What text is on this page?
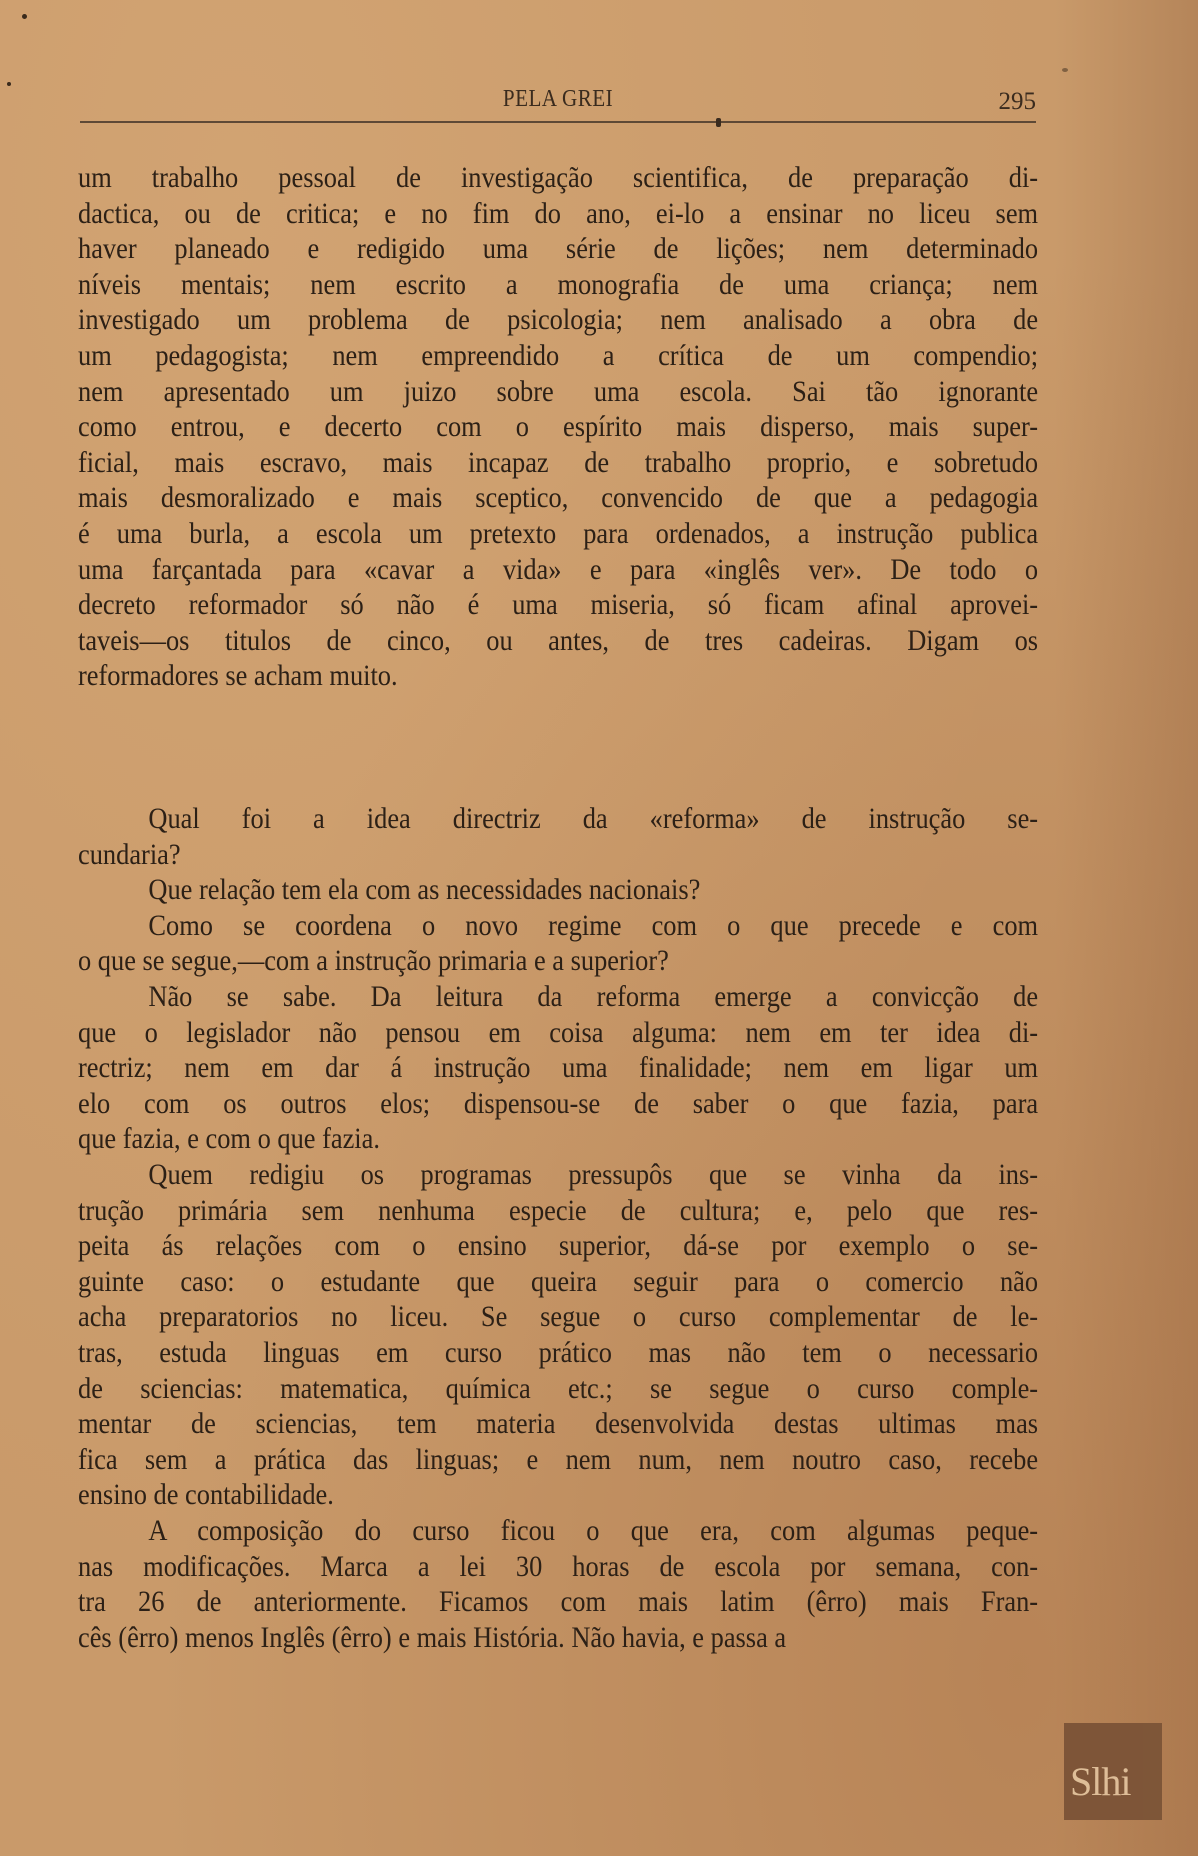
PELA GREI	295
um trabalho pessoal de investigação scientifica, de preparação di-
dactica, ou de critica; e no fim do ano, ei-lo a ensinar no liceu sem
haver planeado e redigido uma série de lições; nem determinado
níveis mentais; nem escrito a monografia de uma criança; nem
investigado um problema de psicologia; nem analisado a obra de
um pedagogista; nem empreendido a crítica de um compendio;
nem apresentado um juizo sobre uma escola. Sai tão ignorante
como entrou, e decerto com o espírito mais disperso, mais super-
ficial, mais escravo, mais incapaz de trabalho proprio, e sobretudo
mais desmoralizado e mais sceptico, convencido de que a pedagogia
é uma burla, a escola um pretexto para ordenados, a instrução publica
uma farçantada para «cavar a vida» e para «inglês ver». De todo o
decreto reformador só não é uma miseria, só ficam afinal aprovei-
taveis—os titulos de cinco, ou antes, de tres cadeiras. Digam os
reformadores se acham muito.
Qual foi a idea directriz da «reforma» de instrução se-
cundaria?
Que relação tem ela com as necessidades nacionais?
Como se coordena o novo regime com o que precede e com
o que se segue,—com a instrução primaria e a superior?
Não se sabe. Da leitura da reforma emerge a convicção de
que o legislador não pensou em coisa alguma: nem em ter idea di-
rectriz; nem em dar á instrução uma finalidade; nem em ligar um
elo com os outros elos; dispensou-se de saber o que fazia, para
que fazia, e com o que fazia.
Quem redigiu os programas pressupôs que se vinha da ins-
trução primária sem nenhuma especie de cultura; e, pelo que res-
peita ás relações com o ensino superior, dá-se por exemplo o se-
guinte caso: o estudante que queira seguir para o comercio não
acha preparatorios no liceu. Se segue o curso complementar de le-
tras, estuda linguas em curso prático mas não tem o necessario
de sciencias: matematica, química etc.; se segue o curso comple-
mentar de sciencias, tem materia desenvolvida destas ultimas mas
fica sem a prática das linguas; e nem num, nem noutro caso, recebe
ensino de contabilidade.
A composição do curso ficou o que era, com algumas peque-
nas modificações. Marca a lei 30 horas de escola por semana, con-
tra 26 de anteriormente. Ficamos com mais latim (êrro) mais Fran-
cês (êrro) menos Inglês (êrro) e mais História. Não havia, e passa a
Slhi
